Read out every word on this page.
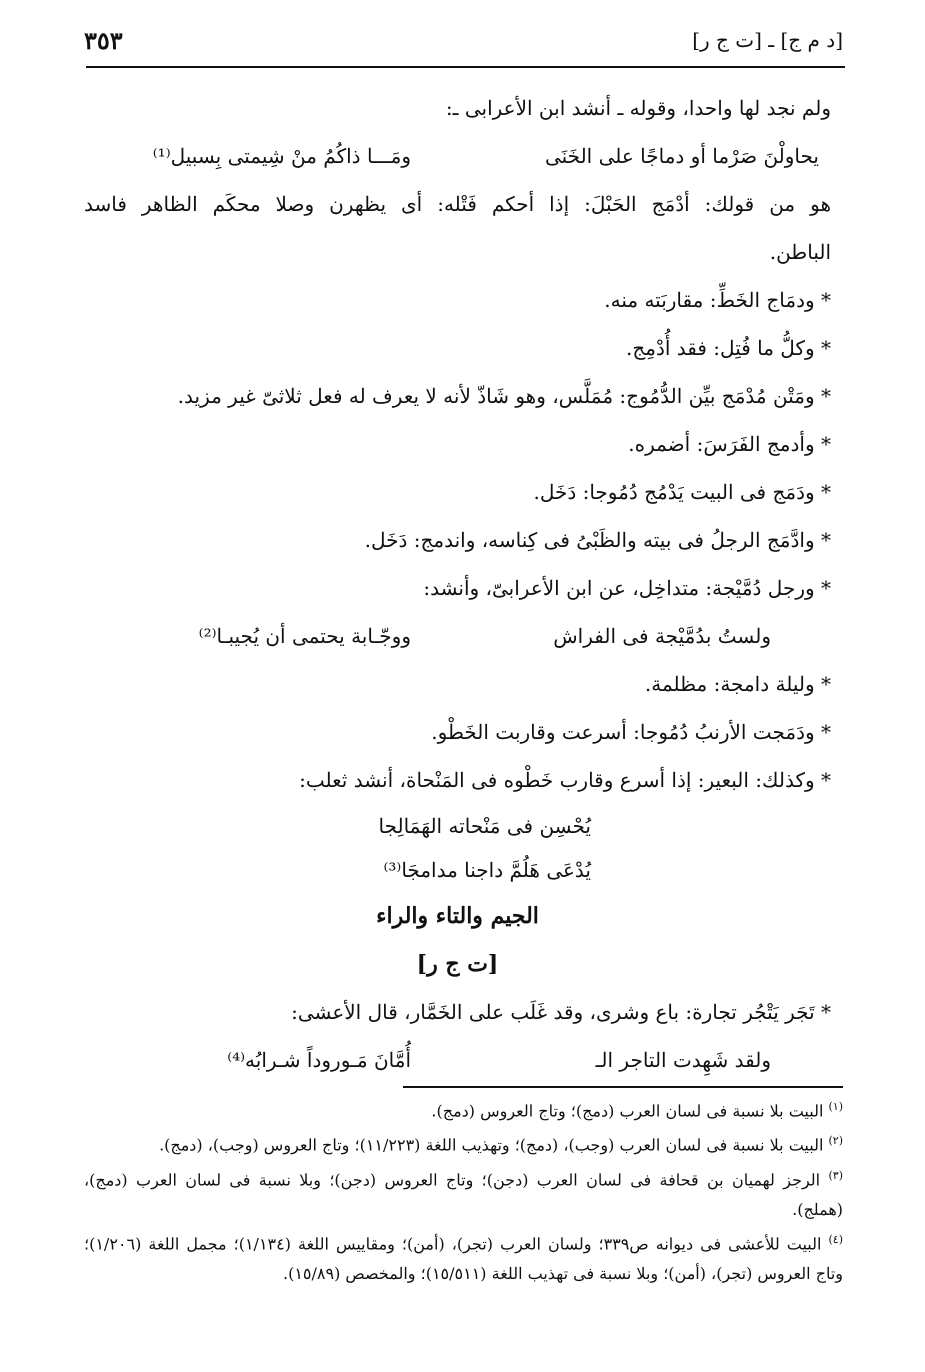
[د م ج] ـ [ت ج ر]
٣٥٣
ولم نجد لها واحدا، وقوله ـ أنشد ابن الأعرابى ـ:
يحاولْنَ صَرْما أو دماجًا على الخَنَى
ومَـــا ذاكُمُ منْ شِيمتى بِسبيل⁽¹⁾
هو من قولك: أدْمَج الحَبْلَ: إذا أحكم فَتْله: أى يظهرن وصلا محكَم الظاهر فاسد
الباطن.
* ودمَاج الخَطِّ: مقاربَته منه.
* وكلُّ ما فُتِل: فقد أُدْمِج.
* ومَتْن مُدْمَج بيِّن الدُّمُوج: مُمَلَّس، وهو شَاذّ لأنه لا يعرف له فعل ثلاثىّ غير مزيد.
* وأدمج الفَرَسَ: أضمره.
* ودَمَج فى البيت يَدْمُج دُمُوجا: دَخَل.
* وادَّمَج الرجلُ فى بيته والظَبْىُ فى كِناسه، واندمج: دَخَل.
* ورجل دُمَّيْجة: متداخِل، عن ابن الأعرابىّ، وأنشد:
ولستُ بدُمَّيْجة فى الفراش
ووجّـابة يحتمى أن يُجيبـا⁽²⁾
* وليلة دامجة: مظلمة.
* ودَمَجت الأرنبُ دُمُوجا: أسرعت وقاربت الخَطْو.
* وكذلك: البعير: إذا أسرع وقارب خَطْوه فى المَنْحاة، أنشد ثعلب:
يُحْسِن فى مَنْحاته الهَمَالِجا
يُدْعَى هَلُمَّ داجنا مدامجَا⁽³⁾
الجيم والتاء والراء
[ت ج ر]
* تَجَر يَتْجُر تجارة: باع وشرى، وقد غَلَب على الخَمَّار، قال الأعشى:
ولقد شَهِدت التاجر الـ
أُمَّانَ مَـوروداً شـرابُه⁽⁴⁾
$^{(١)}$ البيت بلا نسبة فى لسان العرب (دمج)؛ وتاج العروس (دمج).
$^{(٢)}$ البيت بلا نسبة فى لسان العرب (وجب)، (دمج)؛ وتهذيب اللغة (١١/٢٢٣)؛ وتاج العروس (وجب)، (دمج).
$^{(٣)}$ الرجز لهميان بن قحافة فى لسان العرب (دجن)؛ وتاج العروس (دجن)؛ وبلا نسبة فى لسان العرب (دمج)، (هملج).
$^{(٤)}$ البيت للأعشى فى ديوانه ص٣٣٩؛ ولسان العرب (تجر)، (أمن)؛ ومقاييس اللغة (١/١٣٤)؛ مجمل اللغة (١/٢٠٦)؛ وتاج العروس (تجر)، (أمن)؛ وبلا نسبة فى تهذيب اللغة (١٥/٥١١)؛ والمخصص (١٥/٨٩).
